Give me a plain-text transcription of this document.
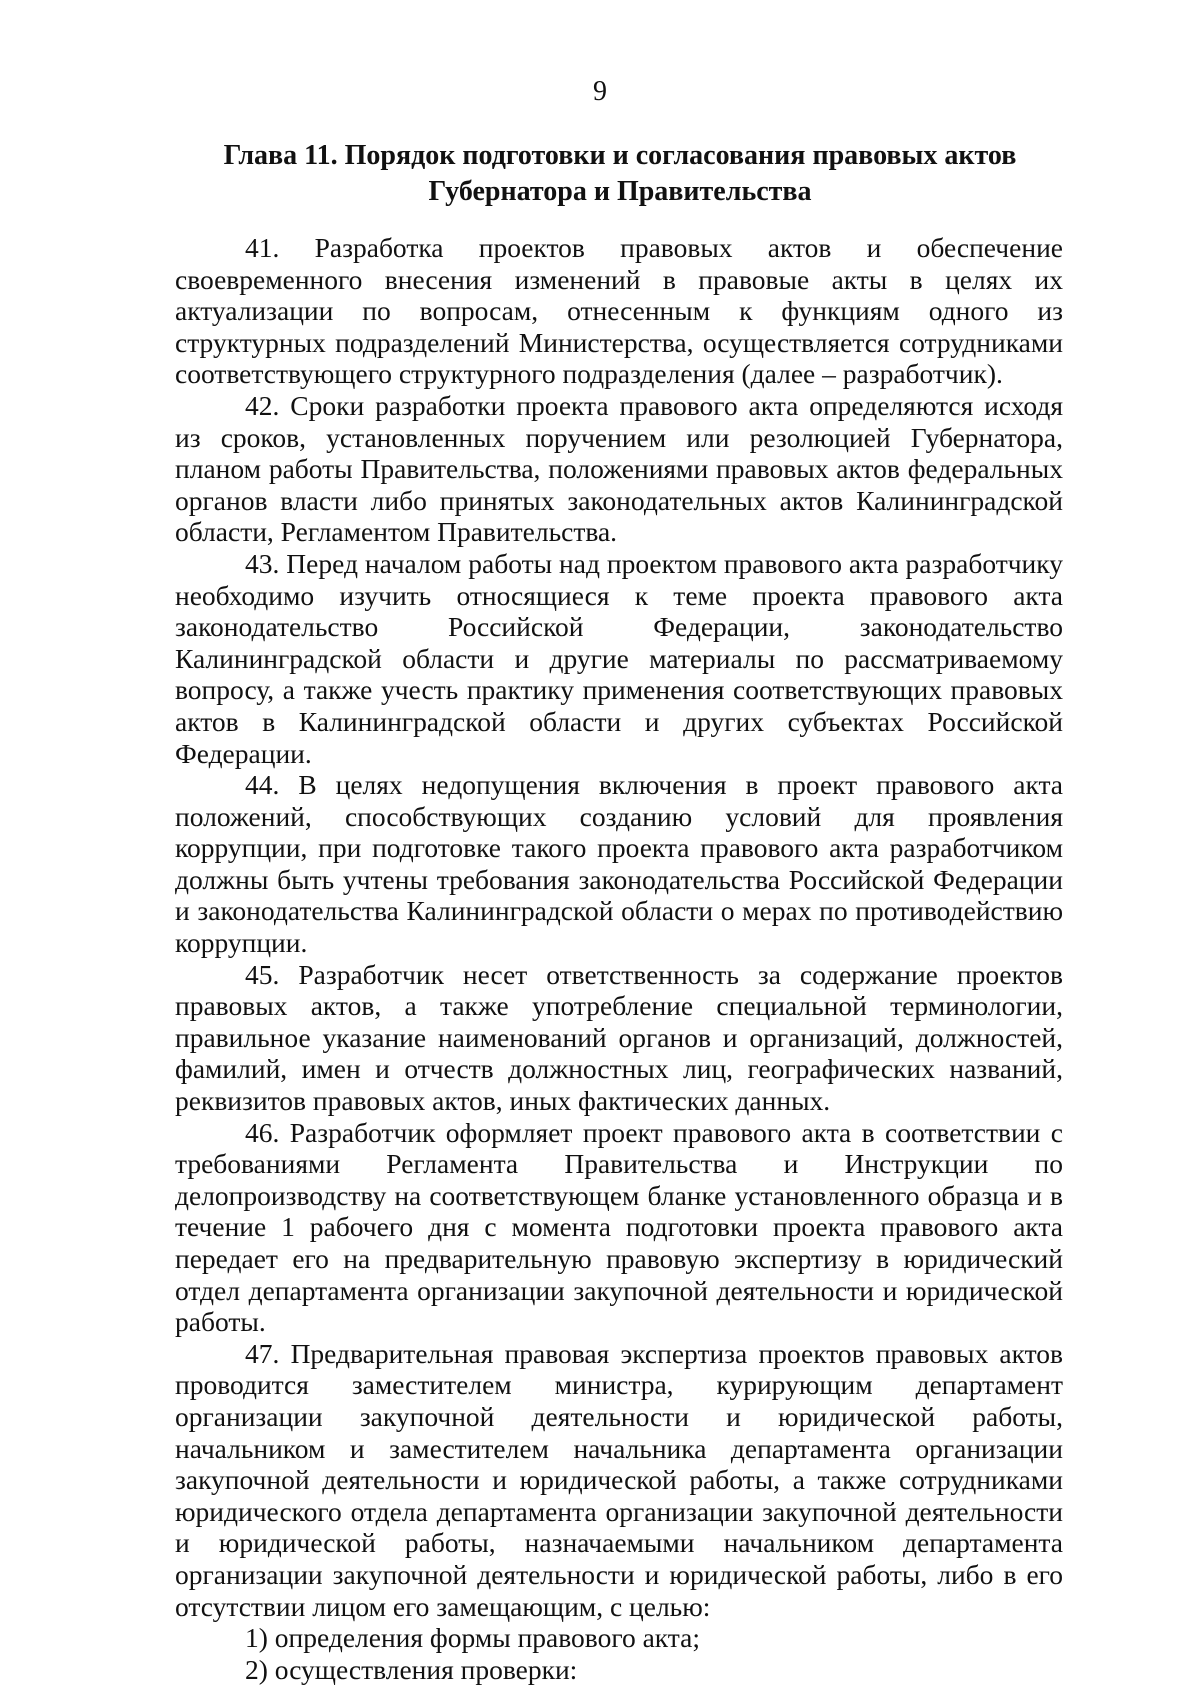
9
Глава 11. Порядок подготовки и согласования правовых актов
Губернатора и Правительства

41. Разработка проектов правовых актов и обеспечение своевременного внесения изменений в правовые акты в целях их актуализации по вопросам, отнесенным к функциям одного из структурных подразделений Министерства, осуществляется сотрудниками соответствующего структурного подразделения (далее – разработчик).

42. Сроки разработки проекта правового акта определяются исходя из сроков, установленных поручением или резолюцией Губернатора, планом работы Правительства, положениями правовых актов федеральных органов власти либо принятых законодательных актов Калининградской области, Регламентом Правительства.

43. Перед началом работы над проектом правового акта разработчику необходимо изучить относящиеся к теме проекта правового акта законодательство Российской Федерации, законодательство Калининградской области и другие материалы по рассматриваемому вопросу, а также учесть практику применения соответствующих правовых актов в Калининградской области и других субъектах Российской Федерации.

44. В целях недопущения включения в проект правового акта положений, способствующих созданию условий для проявления коррупции, при подготовке такого проекта правового акта разработчиком должны быть учтены требования законодательства Российской Федерации и законодательства Калининградской области о мерах по противодействию коррупции.

45. Разработчик несет ответственность за содержание проектов правовых актов, а также употребление специальной терминологии, правильное указание наименований органов и организаций, должностей, фамилий, имен и отчеств должностных лиц, географических названий, реквизитов правовых актов, иных фактических данных.

46. Разработчик оформляет проект правового акта в соответствии с требованиями Регламента Правительства и Инструкции по делопроизводству на соответствующем бланке установленного образца и в течение 1 рабочего дня с момента подготовки проекта правового акта передает его на предварительную правовую экспертизу в юридический отдел департамента организации закупочной деятельности и юридической работы.

47. Предварительная правовая экспертиза проектов правовых актов проводится заместителем министра, курирующим департамент организации закупочной деятельности и юридической работы, начальником и заместителем начальника департамента организации закупочной деятельности и юридической работы, а также сотрудниками юридического отдела департамента организации закупочной деятельности и юридической работы, назначаемыми начальником департамента организации закупочной деятельности и юридической работы, либо в его отсутствии лицом его замещающим, с целью:

1) определения формы правового акта;

2) осуществления проверки:
